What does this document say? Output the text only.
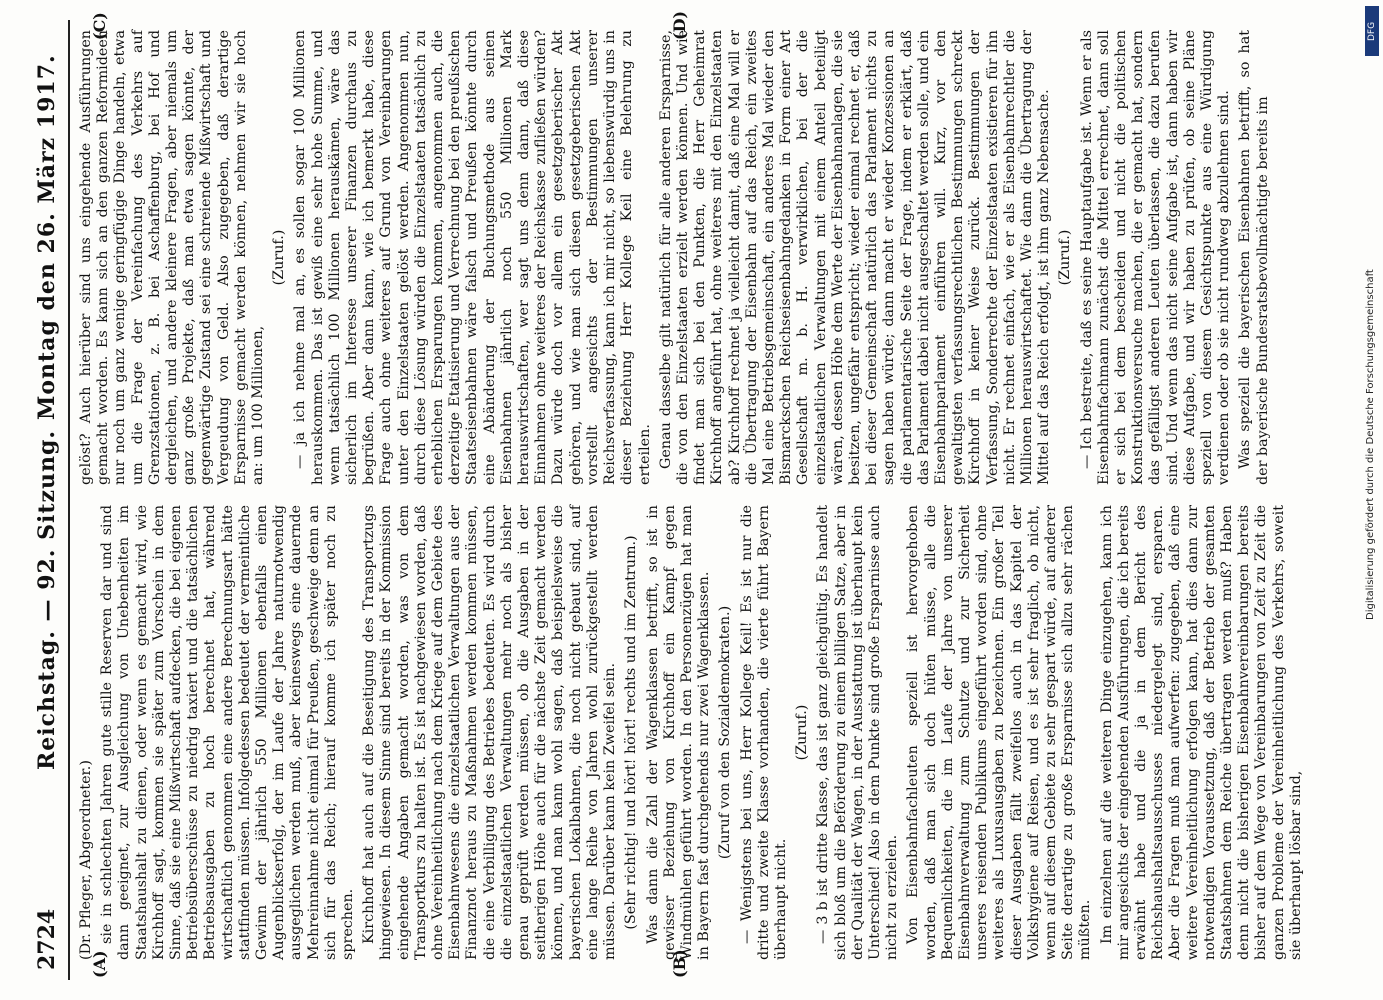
2724
Reichstag. — 92. Sitzung.
Montag den 26. März 1917.
(A)	(B)
(C)	(D)

(Dr. Pfleger, Abgeordneter.) sie in schlechten Jahren gute stille Reserven dar und sind dann geeignet, zur Ausgleichung von Unebenheiten im Staatshaushalt zu dienen, oder wenn es gemacht wird, wie Kirchhoff sagt, kommen sie später zum Vorschein in dem Sinne, daß sie eine Mißwirtschaft aufdecken, die bei eigenen Betriebsüberschüsse zu niedrig taxiert und die tatsächlichen Betriebsausgaben zu hoch berechnet hat, während wirtschaftlich genommen eine andere Berechnungsart hätte stattfinden müssen. Infolgedessen bedeutet der vermeintliche Gewinn der jährlich 550 Millionen ebenfalls einen Augenblickserfolg, der im Laufe der Jahre naturnotwendig ausgeglichen werden muß, aber keineswegs eine dauernde Mehreinnahme nicht einmal für Preußen, geschweige denn an sich für das Reich; hierauf komme ich später noch zu sprechen. Kirchhoff hat auch auf die Beseitigung des Transportzugs hingewiesen. In diesem Sinne sind bereits in der Kommission eingehende Angaben gemacht worden, was von dem Transportkurs zu halten ist. Es ist nachgewiesen worden, daß ohne Vereinheitlichung nach dem Kriege auf dem Gebiete des Eisenbahnwesens die einzelstaatlichen Verwaltungen aus der Finanznot heraus zu Maßnahmen werden kommen müssen, die eine Verbilligung des Betriebes bedeuten. Es wird durch die einzelstaatlichen Verwaltungen mehr noch als bisher genau geprüft werden müssen, ob die Ausgaben in der seitherigen Höhe auch für die nächste Zeit gemacht werden können, und man kann wohl sagen, daß beispielsweise die bayerischen Lokalbahnen, die noch nicht gebaut sind, auf eine lange Reihe von Jahren wohl zurückgestellt werden müssen. Darüber kann kein Zweifel sein. (Sehr richtig! und hört! hört! rechts und im Zentrum.) Was dann die Zahl der Wagenklassen betrifft, so ist in gewisser Beziehung von Kirchhoff ein Kampf gegen Windmühlen geführt worden. In den Personenzügen hat man in Bayern fast durchgehends nur zwei Wagenklassen. (Zuruf von den Sozialdemokraten.) — Wenigstens bei uns, Herr Kollege Keil! Es ist nur die dritte und zweite Klasse vorhanden, die vierte führt Bayern überhaupt nicht.

(Zuruf.) — 3 b ist dritte Klasse, das ist ganz gleichgültig. Es handelt sich bloß um die Beförderung zu einem billigen Satze, aber in der Qualität der Wagen, in der Ausstattung ist überhaupt kein Unterschied! Also in dem Punkte sind große Ersparnisse auch nicht zu erzielen. Von Eisenbahnfachleuten speziell ist hervorgehoben worden, daß man sich doch hüten müsse, alle die Bequemlichkeiten, die im Laufe der Jahre von unserer Eisenbahnverwaltung zum Schutze und zur Sicherheit unseres reisenden Publikums eingeführt worden sind, ohne weiteres als Luxusausgaben zu bezeichnen. Ein großer Teil dieser Ausgaben fällt zweifellos auch in das Kapitel der Volkshygiene auf Reisen, und es ist sehr fraglich, ob nicht, wenn auf diesem Gebiete zu sehr gespart würde, auf anderer Seite derartige zu große Ersparnisse sich allzu sehr rächen müßten. Im einzelnen auf die weiteren Dinge einzugehen, kann ich mir angesichts der eingehenden Ausführungen, die ich bereits erwähnt habe und die ja in dem Bericht des Reichshaushaltsausschusses niedergelegt sind, ersparen. Aber die Fragen muß man aufwerfen: zugegeben, daß eine weitere Vereinheitlichung erfolgen kann, hat dies dann zur notwendigen Voraussetzung, daß der Betrieb der gesamten Staatsbahnen dem Reiche übertragen werden muß? Haben denn nicht die bisherigen Eisenbahnvereinbarungen bereits bisher auf dem Wege von Vereinbarungen von Zeit zu Zeit die ganzen Probleme der Vereinheitlichung des Verkehrs, soweit sie überhaupt lösbar sind,

gelöst? Auch hierüber sind uns eingehende Ausführungen gemacht worden. Es kann sich an den ganzen Reformideen nur noch um ganz wenige geringfügige Dinge handeln, etwa um die Frage der Vereinfachung des Verkehrs auf Grenzstationen, z. B. bei Aschaffenburg, bei Hof und dergleichen, und andere kleinere Fragen, aber niemals um ganz große Projekte, daß man etwa sagen könnte, der gegenwärtige Zustand sei eine schreiende Mißwirtschaft und Vergeudung von Geld. Also zugegeben, daß derartige Ersparnisse gemacht werden können, nehmen wir sie hoch an: um 100 Millionen,

(Zuruf.) — ja ich nehme mal an, es sollen sogar 100 Millionen herauskommen. Das ist gewiß eine sehr hohe Summe, und wenn tatsächlich 100 Millionen herauskämen, wäre das sicherlich im Interesse unserer Finanzen durchaus zu begrüßen. Aber dann kann, wie ich bemerkt habe, diese Frage auch ohne weiteres auf Grund von Vereinbarungen unter den Einzelstaaten gelöst werden. Angenommen nun, durch diese Lösung würden die Einzelstaaten tatsächlich zu erheblichen Ersparungen kommen, angenommen auch, die derzeitige Etatisierung und Verrechnung bei den preußischen Staatseisenbahnen wäre falsch und Preußen könnte durch eine Abänderung der Buchungsmethode aus seinen Eisenbahnen jährlich noch 550 Millionen Mark herauswirtschaften, wer sagt uns denn dann, daß diese Einnahmen ohne weiteres der Reichskasse zufließen würden? Dazu würde doch vor allem ein gesetzgeberischer Akt gehören, und wie man sich diesen gesetzgeberischen Akt vorstellt angesichts der Bestimmungen unserer Reichsverfassung, kann ich mir nicht, so liebenswürdig uns in dieser Beziehung Herr Kollege Keil eine Belehrung zu erteilen. Genau dasselbe gilt natürlich für alle anderen Ersparnisse, die von den Einzelstaaten erzielt werden können. Und wie findet man sich bei den Punkten, die Herr Geheimrat Kirchhoff angeführt hat, ohne weiteres mit den Einzelstaaten ab? Kirchhoff rechnet ja vielleicht damit, daß eine Mal will er die Übertragung der Eisenbahn auf das Reich, ein zweites Mal eine Betriebsgemeinschaft, ein anderes Mal wieder den Bismarckschen Reichseisenbahngedanken in Form einer Art Gesellschaft m. b. H. verwirklichen, bei der die einzelstaatlichen Verwaltungen mit einem Anteil beteiligt wären, dessen Höhe dem Werte der Eisenbahnanlagen, die sie besitzen, ungefähr entspricht; wieder einmal rechnet er, daß bei dieser Gemeinschaft natürlich das Parlament nichts zu sagen haben würde; dann macht er wieder Konzessionen an die parlamentarische Seite der Frage, indem er erklärt, daß das Parlament dabei nicht ausgeschaltet werden solle, und ein Eisenbahnparlament einführen will. Kurz, vor den gewaltigsten verfassungsrechtlichen Bestimmungen schreckt Kirchhoff in keiner Weise zurück. Bestimmungen der Verfassung, Sonderrechte der Einzelstaaten existieren für ihn nicht. Er rechnet einfach, wie er als Eisenbahnrechtler die Millionen herauswirtschaftet. Wie dann die Übertragung der Mittel auf das Reich erfolgt, ist ihm ganz Nebensache. (Zuruf.) — Ich bestreite, daß es seine Hauptaufgabe ist. Wenn er als Eisenbahnfachmann zunächst die Mittel errechnet, dann soll er sich bei dem bescheiden und nicht die politischen Konstruktionsversuche machen, die er gemacht hat, sondern das gefälligst anderen Leuten überlassen, die dazu berufen sind. Und wenn das nicht seine Aufgabe ist, dann haben wir diese Aufgabe, und wir haben zu prüfen, ob seine Pläne speziell von diesem Gesichtspunkte aus eine Würdigung verdienen oder ob sie nicht rundweg abzulehnen sind. Was speziell die bayerischen Eisenbahnen betrifft, so hat der bayerische Bundesratsbevollmächtigte bereits im

DFG
Digitalisierung gefördert durch die Deutsche Forschungsgemeinschaft
